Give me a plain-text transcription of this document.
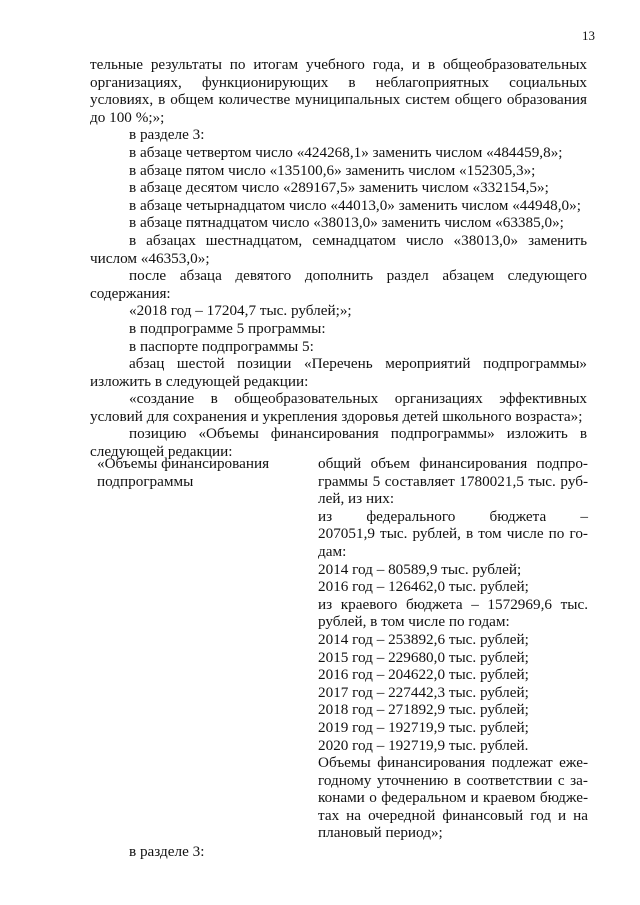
13

тельные результаты по итогам учебного года, и в общеобразовательных организациях, функционирующих в неблагоприятных социальных условиях, в общем количестве муниципальных систем общего образования до 100 %;»;

в разделе 3:

в абзаце четвертом число «424268,1» заменить числом «484459,8»;

в абзаце пятом число «135100,6» заменить числом «152305,3»;

в абзаце десятом число «289167,5» заменить числом «332154,5»;

в абзаце четырнадцатом число «44013,0» заменить числом «44948,0»;

в абзаце пятнадцатом число «38013,0» заменить числом «63385,0»;

в абзацах шестнадцатом, семнадцатом число «38013,0» заменить числом «46353,0»;

после абзаца девятого дополнить раздел абзацем следующего содержания:

«2018 год – 17204,7 тыс. рублей;»;

в подпрограмме 5 программы:

в паспорте подпрограммы 5:

абзац шестой позиции «Перечень мероприятий подпрограммы» изложить в следующей редакции:

«создание в общеобразовательных организациях эффективных условий для сохранения и укрепления здоровья детей школьного возраста»;

позицию «Объемы финансирования подпрограммы» изложить в следующей редакции:

«Объемы финансирования подпрограммы
общий объем финансирования подпро-
граммы 5 составляет 1780021,5 тыс. руб-
лей, из них:
из федерального бюджета –
207051,9 тыс. рублей, в том числе по го-
дам:
2014 год – 80589,9 тыс. рублей;
2016 год – 126462,0 тыс. рублей;
из краевого бюджета – 1572969,6 тыс.
рублей, в том числе по годам:
2014 год – 253892,6 тыс. рублей;
2015 год – 229680,0 тыс. рублей;
2016 год – 204622,0 тыс. рублей;
2017 год – 227442,3 тыс. рублей;
2018 год – 271892,9 тыс. рублей;
2019 год – 192719,9 тыс. рублей;
2020 год – 192719,9 тыс. рублей.
Объемы финансирования подлежат еже-
годному уточнению в соответствии с за-
конами о федеральном и краевом бюдже-
тах на очередной финансовый год и на
плановый период»;
в разделе 3:
